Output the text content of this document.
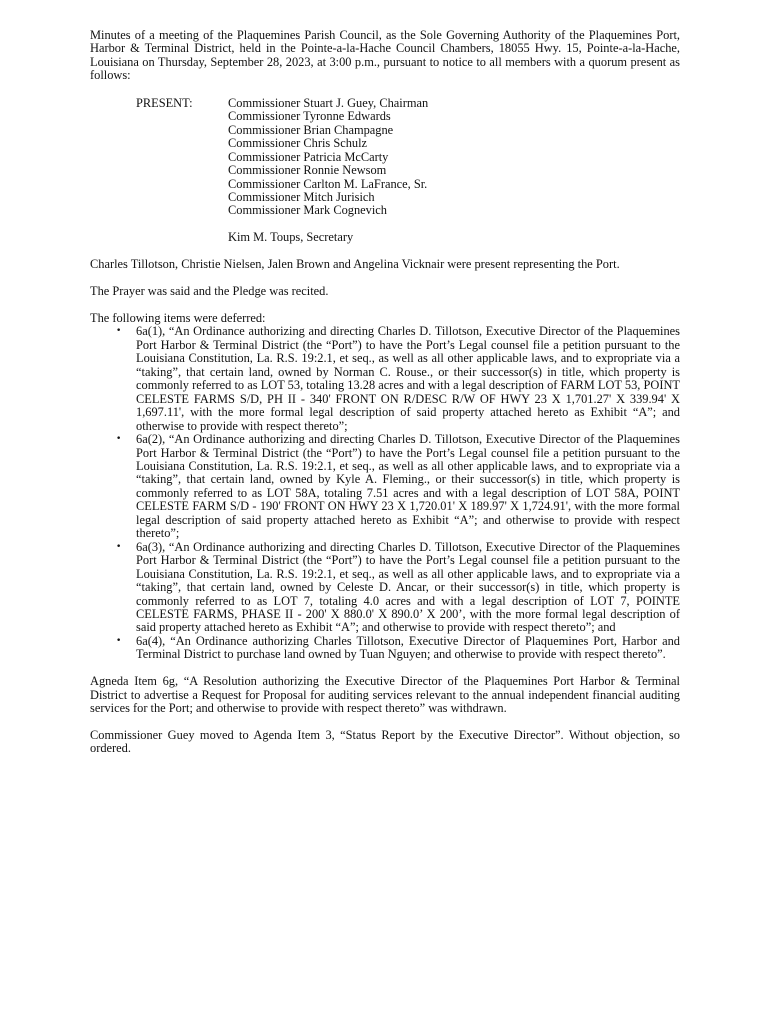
Minutes of a meeting of the Plaquemines Parish Council, as the Sole Governing Authority of the Plaquemines Port, Harbor & Terminal District, held in the Pointe-a-la-Hache Council Chambers, 18055 Hwy. 15, Pointe-a-la-Hache, Louisiana on Thursday, September 28, 2023, at 3:00 p.m., pursuant to notice to all members with a quorum present as follows:

PRESENT:	Commissioner Stuart J. Guey, Chairman
Commissioner Tyronne Edwards
Commissioner Brian Champagne
Commissioner Chris Schulz
Commissioner Patricia McCarty
Commissioner Ronnie Newsom
Commissioner Carlton M. LaFrance, Sr.
Commissioner Mitch Jurisich
Commissioner Mark Cognevich
Kim M. Toups, Secretary

Charles Tillotson, Christie Nielsen, Jalen Brown and Angelina Vicknair were present representing the Port.

The Prayer was said and the Pledge was recited.

The following items were deferred:

• 6a(1), “An Ordinance authorizing and directing Charles D. Tillotson, Executive Director of the Plaquemines Port Harbor & Terminal District (the “Port”) to have the Port’s Legal counsel file a petition pursuant to the Louisiana Constitution, La. R.S. 19:2.1, et seq., as well as all other applicable laws, and to expropriate via a “taking”, that certain land, owned by Norman C. Rouse., or their successor(s) in title, which property is commonly referred to as LOT 53, totaling 13.28 acres and with a legal description of FARM LOT 53, POINT CELESTE FARMS S/D, PH II - 340' FRONT ON R/DESC R/W OF HWY 23 X 1,701.27' X 339.94' X 1,697.11', with the more formal legal description of said property attached hereto as Exhibit “A”; and otherwise to provide with respect thereto”;
• 6a(2), “An Ordinance authorizing and directing Charles D. Tillotson, Executive Director of the Plaquemines Port Harbor & Terminal District (the “Port”) to have the Port’s Legal counsel file a petition pursuant to the Louisiana Constitution, La. R.S. 19:2.1, et seq., as well as all other applicable laws, and to expropriate via a “taking”, that certain land, owned by Kyle A. Fleming., or their successor(s) in title, which property is commonly referred to as LOT 58A, totaling 7.51 acres and with a legal description of LOT 58A, POINT CELESTE FARM S/D - 190' FRONT ON HWY 23 X 1,720.01' X 189.97' X 1,724.91', with the more formal legal description of said property attached hereto as Exhibit “A”; and otherwise to provide with respect thereto”;
• 6a(3), “An Ordinance authorizing and directing Charles D. Tillotson, Executive Director of the Plaquemines Port Harbor & Terminal District (the “Port”) to have the Port’s Legal counsel file a petition pursuant to the Louisiana Constitution, La. R.S. 19:2.1, et seq., as well as all other applicable laws, and to expropriate via a “taking”, that certain land, owned by Celeste D. Ancar, or their successor(s) in title, which property is commonly referred to as LOT 7, totaling 4.0 acres and with a legal description of LOT 7, POINTE CELESTE FARMS, PHASE II - 200' X 880.0' X 890.0’ X 200’, with the more formal legal description of said property attached hereto as Exhibit “A”; and otherwise to provide with respect thereto”; and
• 6a(4), “An Ordinance authorizing Charles Tillotson, Executive Director of Plaquemines Port, Harbor and Terminal District to purchase land owned by Tuan Nguyen; and otherwise to provide with respect thereto”.

Agneda Item 6g, “A Resolution authorizing the Executive Director of the Plaquemines Port Harbor & Terminal District to advertise a Request for Proposal for auditing services relevant to the annual independent financial auditing services for the Port; and otherwise to provide with respect thereto” was withdrawn.

Commissioner Guey moved to Agenda Item 3, “Status Report by the Executive Director”. Without objection, so ordered.
